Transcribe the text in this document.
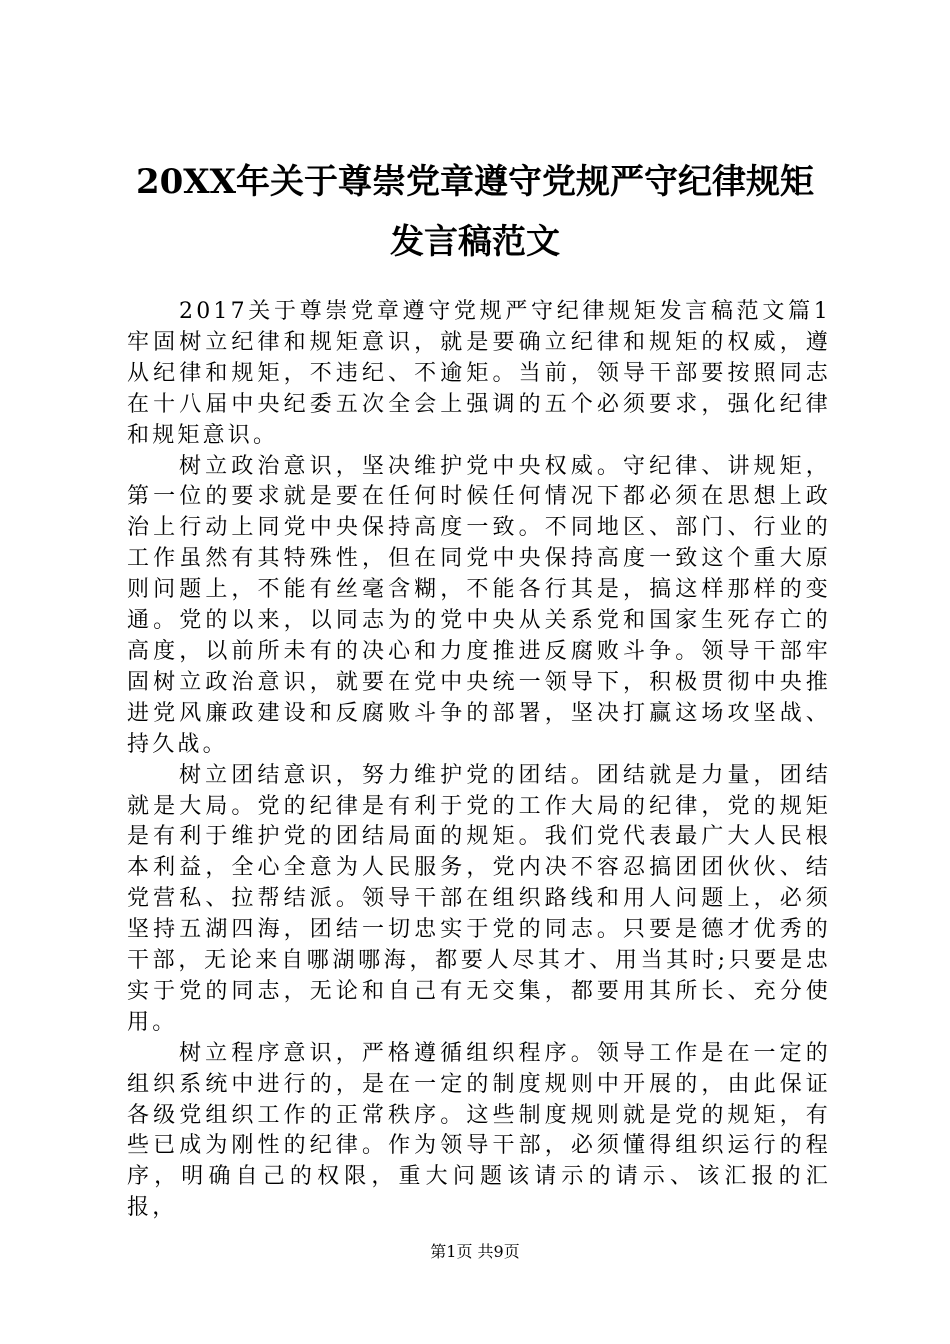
20XX年关于尊崇党章遵守党规严守纪律规矩
发言稿范文

2017关于尊崇党章遵守党规严守纪律规矩发言稿范文篇1牢固树立纪律和规矩意识，就是要确立纪律和规矩的权威，遵从纪律和规矩，不违纪、不逾矩。当前，领导干部要按照同志在十八届中央纪委五次全会上强调的五个必须要求，强化纪律和规矩意识。

树立政治意识，坚决维护党中央权威。守纪律、讲规矩，第一位的要求就是要在任何时候任何情况下都必须在思想上政治上行动上同党中央保持高度一致。不同地区、部门、行业的工作虽然有其特殊性，但在同党中央保持高度一致这个重大原则问题上，不能有丝毫含糊，不能各行其是，搞这样那样的变通。党的以来，以同志为的党中央从关系党和国家生死存亡的高度，以前所未有的决心和力度推进反腐败斗争。领导干部牢固树立政治意识，就要在党中央统一领导下，积极贯彻中央推进党风廉政建设和反腐败斗争的部署，坚决打赢这场攻坚战、持久战。

树立团结意识，努力维护党的团结。团结就是力量，团结就是大局。党的纪律是有利于党的工作大局的纪律，党的规矩是有利于维护党的团结局面的规矩。我们党代表最广大人民根本利益，全心全意为人民服务，党内决不容忍搞团团伙伙、结党营私、拉帮结派。领导干部在组织路线和用人问题上，必须坚持五湖四海，团结一切忠实于党的同志。只要是德才优秀的干部，无论来自哪湖哪海，都要人尽其才、用当其时;只要是忠实于党的同志，无论和自己有无交集，都要用其所长、充分使用。

树立程序意识，严格遵循组织程序。领导工作是在一定的组织系统中进行的，是在一定的制度规则中开展的，由此保证各级党组织工作的正常秩序。这些制度规则就是党的规矩，有些已成为刚性的纪律。作为领导干部，必须懂得组织运行的程序，明确自己的权限，重大问题该请示的请示、该汇报的汇报，

第1页 共9页
